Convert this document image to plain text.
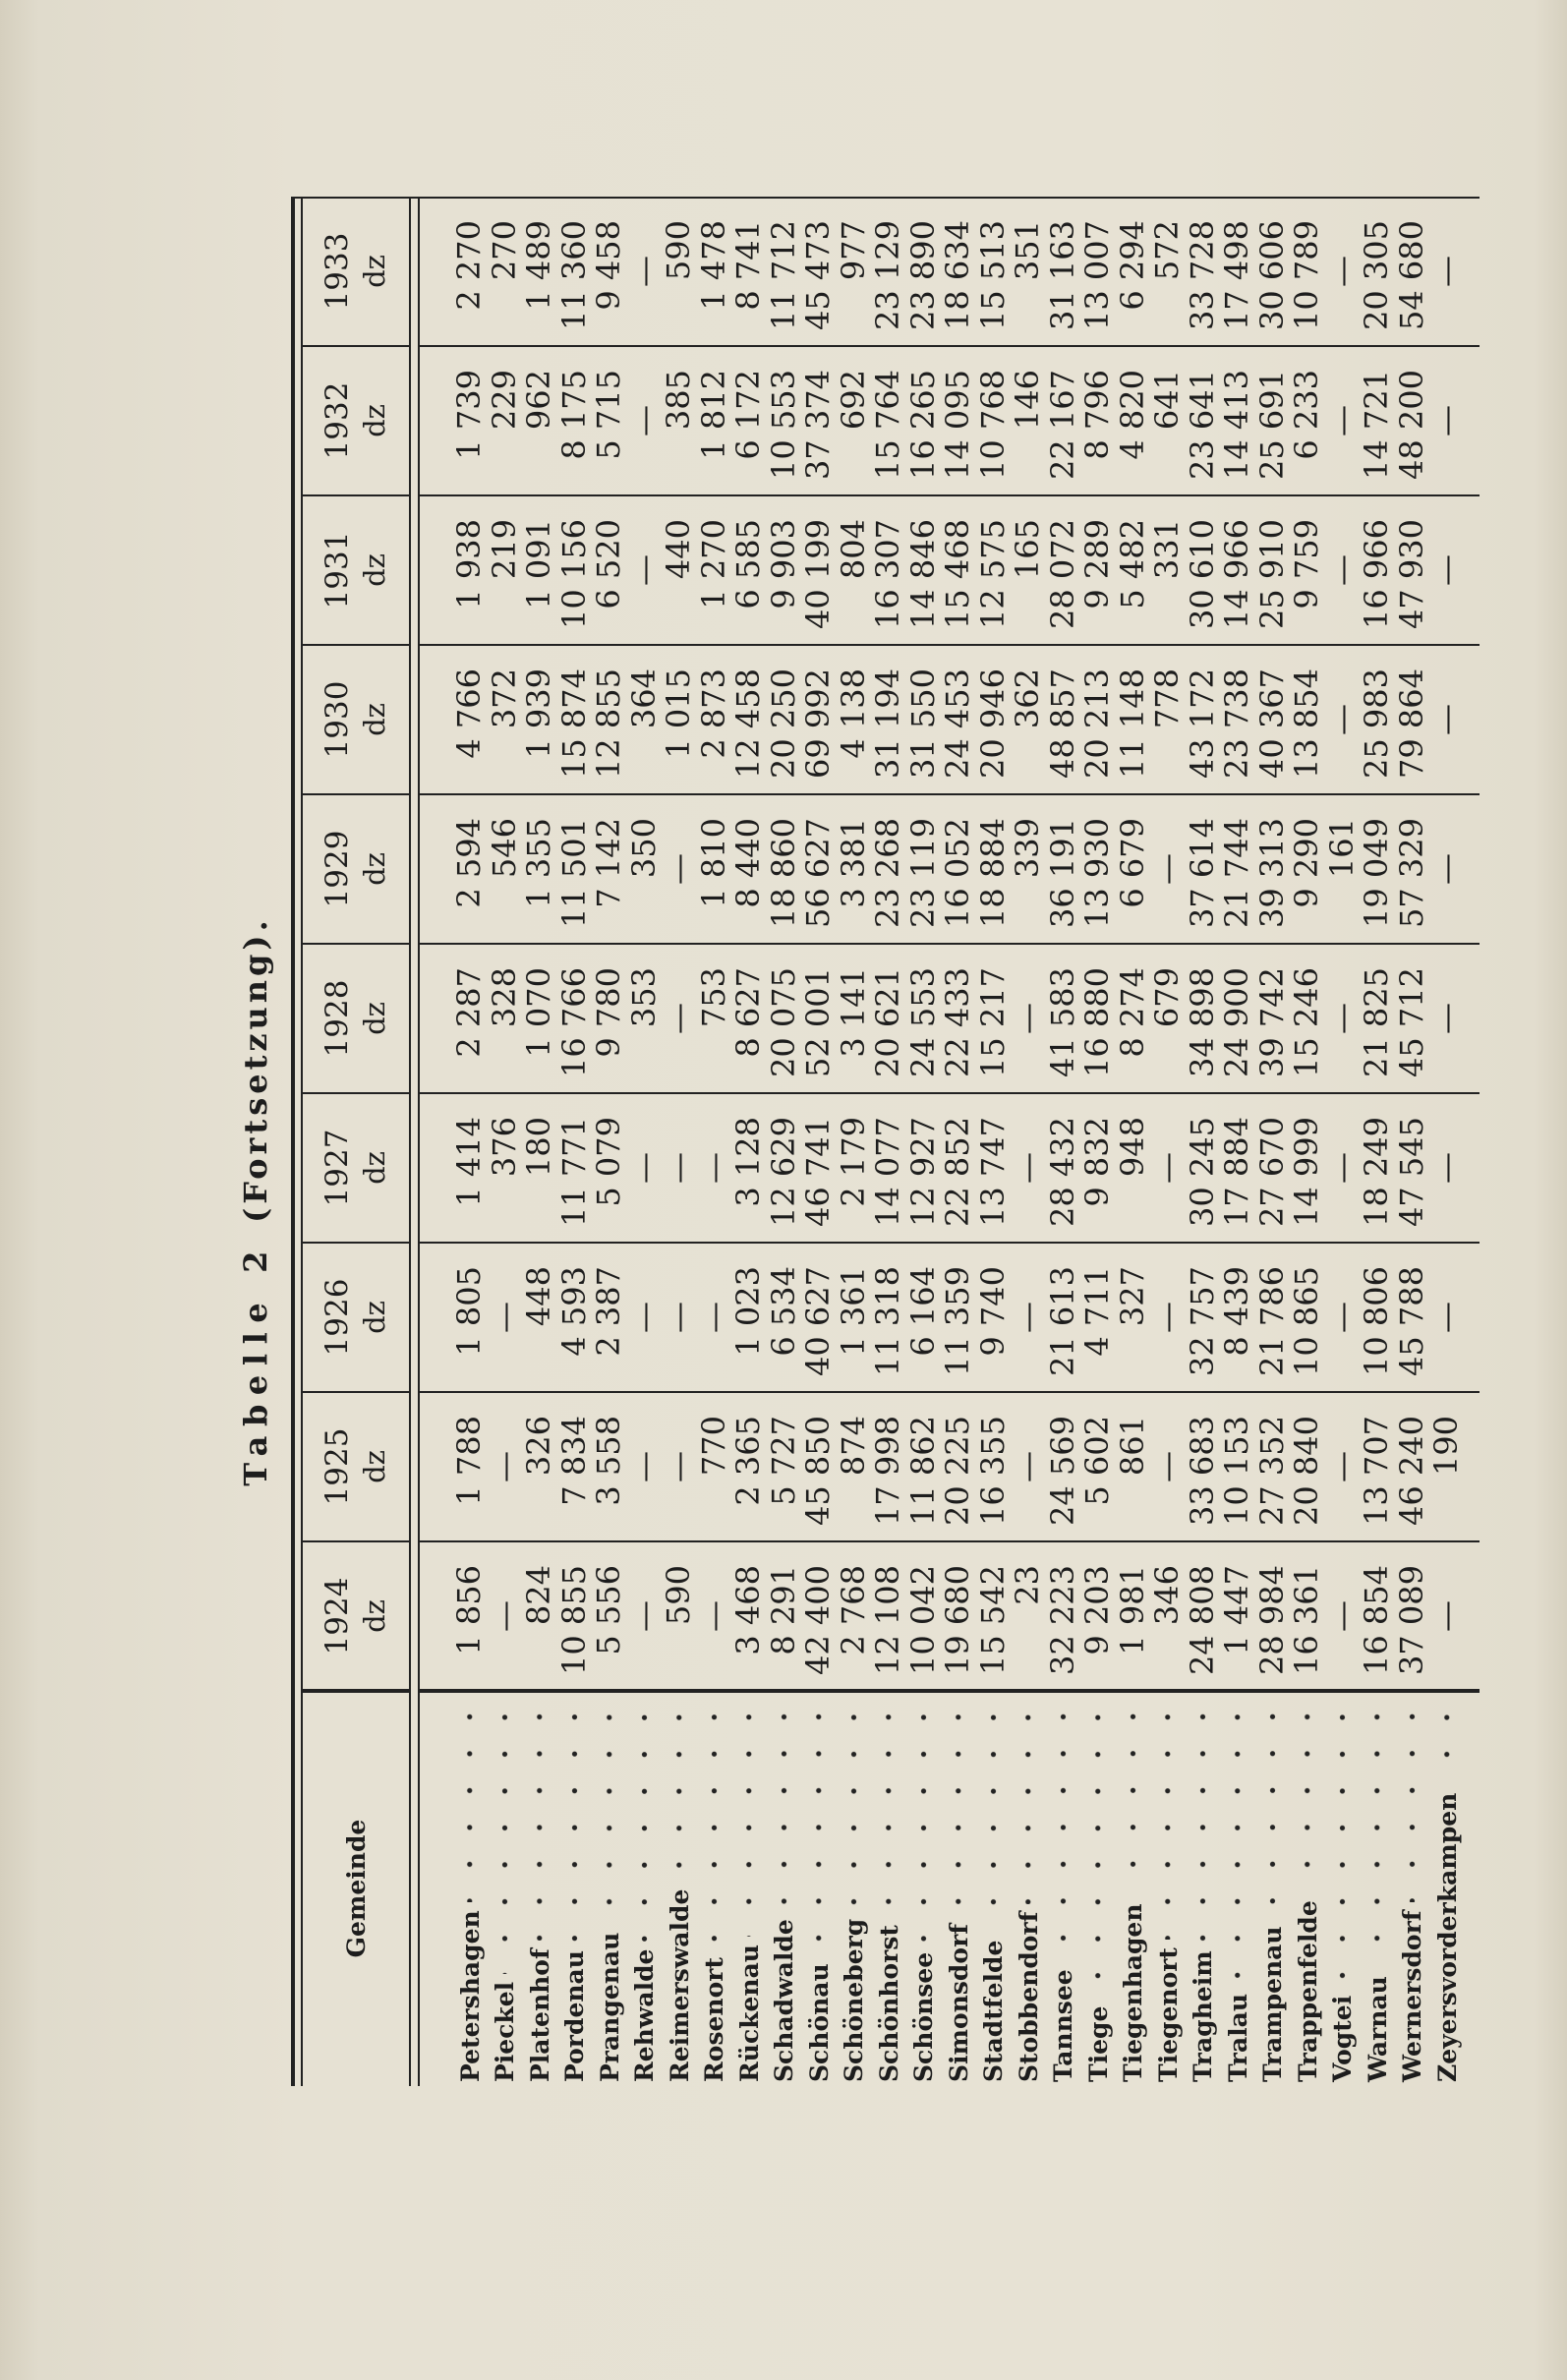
Tabelle 2 (Fortsetzung).
Gemeinde
1924 dz
1925 dz
1926 dz
1927 dz
1928 dz
1929 dz
1930 dz
1931 dz
1932 dz
1933 dz
Petershagen
1 856
1 788
1 805
1 414
2 287
2 594
4 766
1 938
1 739
2 270
Pieckel
—
—
—
376
328
546
372
219
229
270
Platenhof
824
326
448
180
1 070
1 355
1 939
1 091
962
1 489
Pordenau
10 855
7 834
4 593
11 771
16 766
11 501
15 874
10 156
8 175
11 360
Prangenau
5 556
3 558
2 387
5 079
9 780
7 142
12 855
6 520
5 715
9 458
Rehwalde
—
—
—
—
353
350
364
—
—
—
Reimerswalde
590
—
—
—
—
—
1 015
440
385
590
Rosenort
—
770
—
—
753
1 810
2 873
1 270
1 812
1 478
Rückenau
3 468
2 365
1 023
3 128
8 627
8 440
12 458
6 585
6 172
8 741
Schadwalde
8 291
5 727
6 534
12 629
20 075
18 860
20 250
9 903
10 553
11 712
Schönau
42 400
45 850
40 627
46 741
52 001
56 627
69 992
40 199
37 374
45 473
Schöneberg
2 768
874
1 361
2 179
3 141
3 381
4 138
804
692
977
Schönhorst
12 108
17 998
11 318
14 077
20 621
23 268
31 194
16 307
15 764
23 129
Schönsee
10 042
11 862
6 164
12 927
24 553
23 119
31 550
14 846
16 265
23 890
Simonsdorf
19 680
20 225
11 359
22 852
22 433
16 052
24 453
15 468
14 095
18 634
Stadtfelde
15 542
16 355
9 740
13 747
15 217
18 884
20 946
12 575
10 768
15 513
Stobbendorf
23
—
—
—
—
339
362
165
146
351
Tannsee
32 223
24 569
21 613
28 432
41 583
36 191
48 857
28 072
22 167
31 163
Tiege
9 203
5 602
4 711
9 832
16 880
13 930
20 213
9 289
8 796
13 007
Tiegenhagen
1 981
861
327
948
8 274
6 679
11 148
5 482
4 820
6 294
Tiegenort
346
—
—
—
679
—
778
331
641
572
Tragheim
24 808
33 683
32 757
30 245
34 898
37 614
43 172
30 610
23 641
33 728
Tralau
1 447
10 153
8 439
17 884
24 900
21 744
23 738
14 966
14 413
17 498
Trampenau
28 984
27 352
21 786
27 670
39 742
39 313
40 367
25 910
25 691
30 606
Trappenfelde
16 361
20 840
10 865
14 999
15 246
9 290
13 854
9 759
6 233
10 789
Vogtei
—
—
—
—
—
161
—
—
—
—
Warnau
16 854
13 707
10 806
18 249
21 825
19 049
25 983
16 966
14 721
20 305
Wernersdorf
37 089
46 240
45 788
47 545
45 712
57 329
79 864
47 930
48 200
54 680
Zeyersvorderkampen
—
190
—
—
—
—
—
—
—
—
